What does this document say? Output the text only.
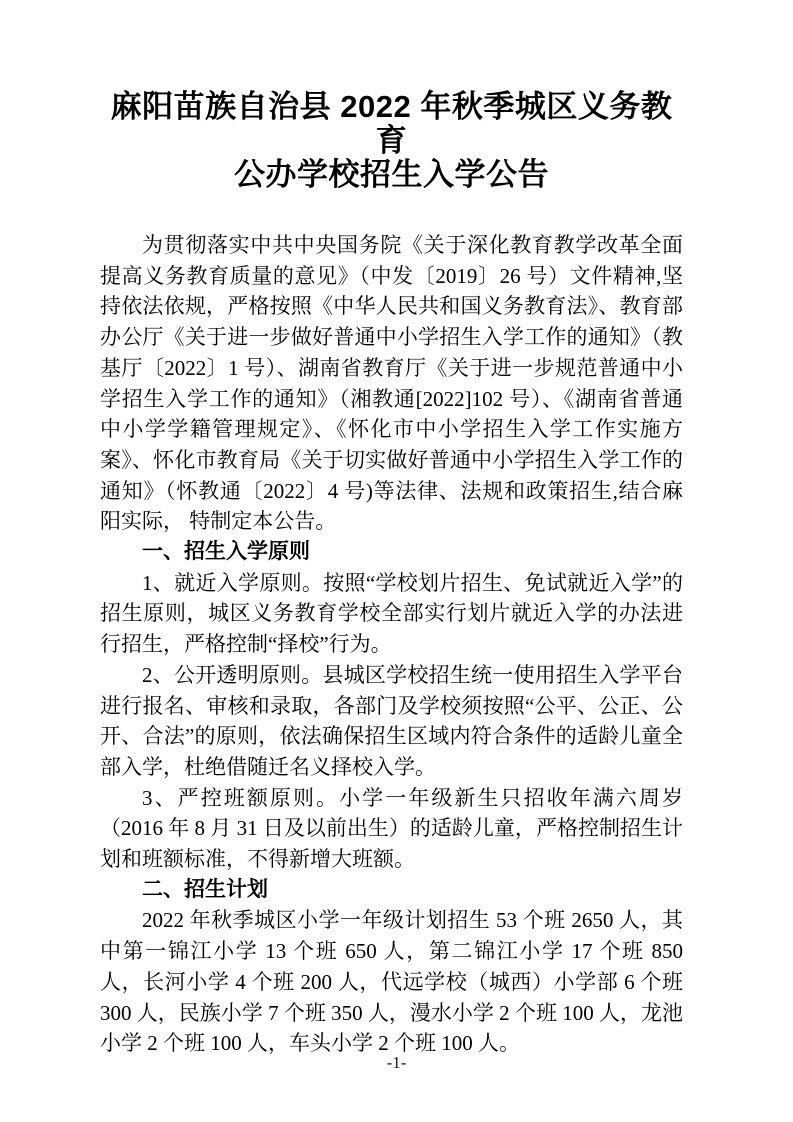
麻阳苗族自治县 2022 年秋季城区义务教育
公办学校招生入学公告

为贯彻落实中共中央国务院《关于深化教育教学改革全面提高义务教育质量的意见》（中发〔2019〕26 号）文件精神,坚持依法依规，严格按照《中华人民共和国义务教育法》、教育部办公厅《关于进一步做好普通中小学招生入学工作的通知》（教基厅〔2022〕1 号）、湖南省教育厅《关于进一步规范普通中小学招生入学工作的通知》（湘教通[2022]102 号）、《湖南省普通中小学学籍管理规定》、《怀化市中小学招生入学工作实施方案》、怀化市教育局《关于切实做好普通中小学招生入学工作的通知》（怀教通〔2022〕4 号)等法律、法规和政策招生,结合麻阳实际， 特制定本公告。

一、招生入学原则

1、就近入学原则。按照“学校划片招生、免试就近入学”的招生原则，城区义务教育学校全部实行划片就近入学的办法进行招生，严格控制“择校”行为。

2、公开透明原则。县城区学校招生统一使用招生入学平台进行报名、审核和录取，各部门及学校须按照“公平、公正、公开、合法”的原则，依法确保招生区域内符合条件的适龄儿童全部入学，杜绝借随迁名义择校入学。

3、严控班额原则。小学一年级新生只招收年满六周岁（2016 年 8 月 31 日及以前出生）的适龄儿童，严格控制招生计划和班额标准，不得新增大班额。

二、招生计划

2022 年秋季城区小学一年级计划招生 53 个班 2650 人，其中第一锦江小学 13 个班 650 人，第二锦江小学 17 个班 850 人，长河小学 4 个班 200 人，代远学校（城西）小学部 6 个班 300 人，民族小学 7 个班 350 人，漫水小学 2 个班 100 人，龙池小学 2 个班 100 人，车头小学 2 个班 100 人。

-1-
